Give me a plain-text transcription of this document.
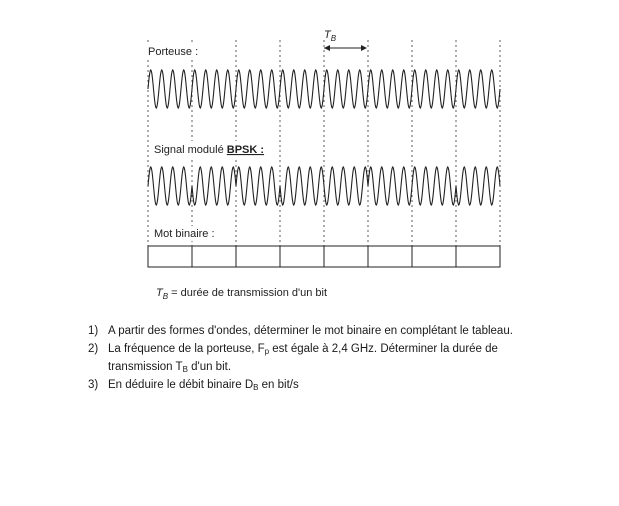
$T_B$
Porteuse :
Signal modulé BPSK :
Mot binaire :
$T_B$ = durée de transmission d'un bit
1) A partir des formes d'ondes, déterminer le mot binaire en complétant le tableau.
2) La fréquence de la porteuse, $F_p$ est égale à 2,4 GHz. Déterminer la durée de transmission $T_B$ d'un bit.
3) En déduire le débit binaire $D_B$ en bit/s
